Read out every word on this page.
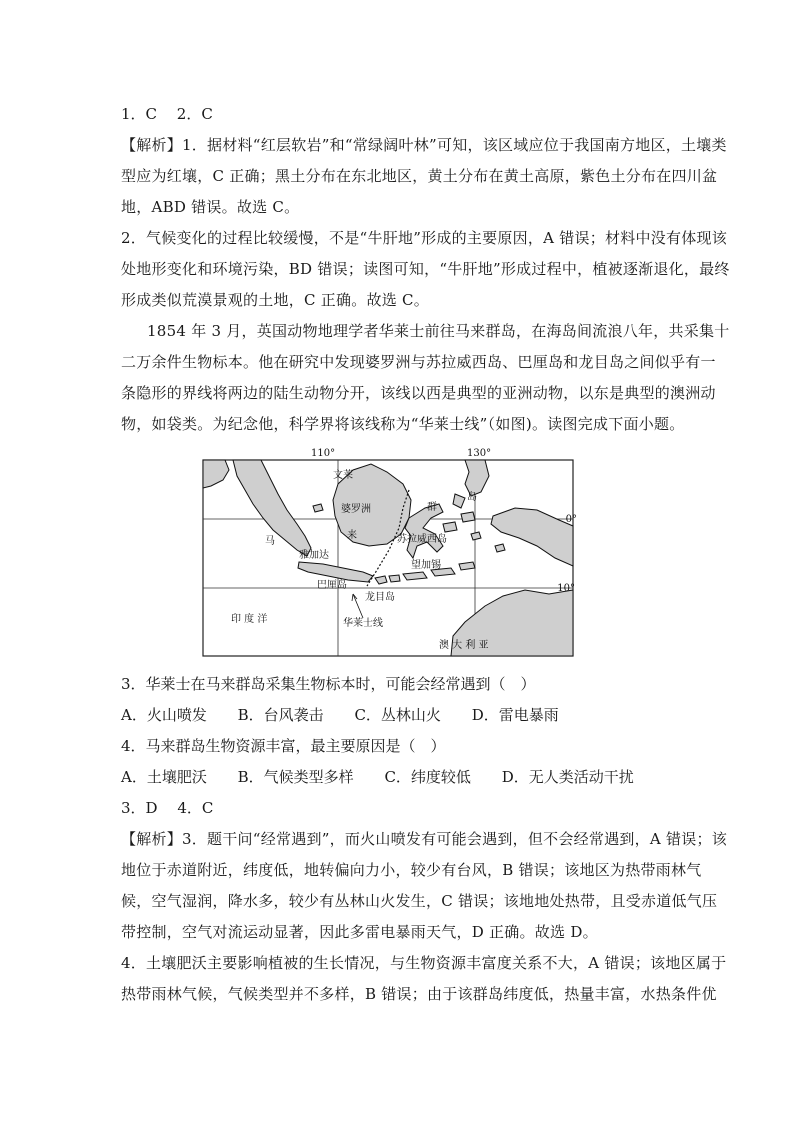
1．C　 2．C
【解析】1．据材料“红层软岩”和“常绿阔叶林”可知，该区域应位于我国南方地区，土壤类
型应为红壤，C 正确；黑土分布在东北地区，黄土分布在黄土高原，紫色土分布在四川盆
地，ABD 错误。故选 C。
2．气候变化的过程比较缓慢，不是“牛肝地”形成的主要原因，A 错误；材料中没有体现该
处地形变化和环境污染，BD 错误；读图可知，“牛肝地”形成过程中，植被逐渐退化，最终
形成类似荒漠景观的土地，C 正确。故选 C。
1854 年 3 月，英国动物地理学者华莱士前往马来群岛，在海岛间流浪八年，共采集十
二万余件生物标本。他在研究中发现婆罗洲与苏拉威西岛、巴厘岛和龙目岛之间似乎有一
条隐形的界线将两边的陆生动物分开，该线以西是典型的亚洲动物，以东是典型的澳洲动
物，如袋类。为纪念他，科学界将该线称为“华莱士线”（如图)。读图完成下面小题。
110°	130°
0°
10°
文莱
婆罗洲
来
群
岛
马
雅加达
苏拉威西岛
望加锡
巴厘岛
龙目岛
印 度 洋	华莱士线
澳 大 利 亚
3．华莱士在马来群岛采集生物标本时，可能会经常遇到（　）
A．火山喷发 B．台风袭击 C．丛林山火 D．雷电暴雨
4．马来群岛生物资源丰富，最主要原因是（　）
A．土壤肥沃 B．气候类型多样 C．纬度较低 D．无人类活动干扰
3．D　 4．C
【解析】3．题干问“经常遇到”，而火山喷发有可能会遇到，但不会经常遇到，A 错误；该
地位于赤道附近，纬度低，地转偏向力小，较少有台风，B 错误；该地区为热带雨林气
候，空气湿润，降水多，较少有丛林山火发生，C 错误；该地地处热带，且受赤道低气压
带控制，空气对流运动显著，因此多雷电暴雨天气，D 正确。故选 D。
4．土壤肥沃主要影响植被的生长情况，与生物资源丰富度关系不大，A 错误；该地区属于
热带雨林气候，气候类型并不多样，B 错误；由于该群岛纬度低，热量丰富，水热条件优
